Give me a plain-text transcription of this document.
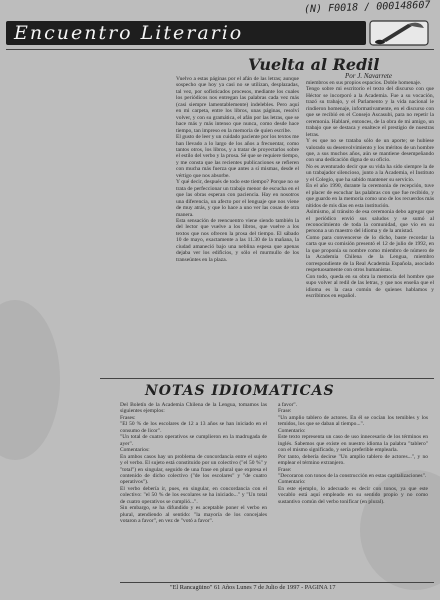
(N) F0018 / 000148607
Encuentro Literario
Vuelta al Redil
Por J. Navarrete
Vuelvo a estas páginas por el afán de las letras; aunque sospecho que hoy ya casi no se utilizan, desplazadas, tal vez, por sofisticados procesos, mediante los cuales los periódicos nos entregan las palabras cada vez más (casi siempre lamentablemente) indelebles. Pero aquí en mi carpeta, entre los libros, unas páginas, resolví volver, y con su gramática, el afán por las letras, que se hace más y más intenso que nunca, como desde hace tiempo, tan impreso en la memoria de quien escribe.
El gusto de leer y un cuidado paciente por los textos me han llevado a lo largo de los años a frecuentar, como tantos otros, los libros, y a tratar de proyectarlos sobre el estilo del verbo y la prosa. Sé que se requiere tiempo, y me consta que las recientes publicaciones se refieren con mucha más fuerza que antes a sí mismas, desde el vértigo que nos absorbe.
Y qué decir, después de todo este tiempo? Porque no se trata de perfeccionar un trabajo menor de escucha en el que las obras esperan con paciencia. Hay en nosotros una diferencia, un afecto por el lenguaje que nos viene de muy atrás, y que lo hace a uno ver las cosas de otra manera.
Esta sensación de reencuentro viene siendo también la del lector que vuelve a los libros, que vuelve a los textos que nos ofrecen la prosa del tiempo. El sábado 10 de mayo, exactamente a las 11.30 de la mañana, la ciudad amaneció bajo una neblina espesa que apenas dejaba ver los edificios, y sólo el murmullo de los transeúntes en la plaza.
miembros en sus propios espacios. Doble homenaje.
Tengo sobre mi escritorio el texto del discurso con que Héctor se incorporó a la Academia. Fue a su vocación, trazó su trabajo, y el Parlamento y la vida nacional le rindieron homenaje, informativamente, en el discurso con que se recibió en el Consejo Ascasubi, para no repetir la ceremonia. Hablaré, entonces, de la obra de mi amigo, un trabajo que se destaca y enaltece el prestigio de nuestras letras.
Y es que no se trataba sólo de un aporte; se hubiese valorado su desenvolvimiento y los méritos de un hombre que, a sus muchos años, aún se mantiene desempeñando con una dedicación digna de su oficio.
No es aventurado decir que su vida ha sido siempre la de un trabajador silencioso, junto a la Academia, el Instituto y el Colegio, que ha sabido mantener su servicio.
En el año 1990, durante la ceremonia de recepción, tuve el placer de escuchar las palabras con que fue recibido, y que guardo en la memoria como uno de los recuerdos más nítidos de mis días en esta institución.
Asimismo, al tránsito de esa ceremonia debo agregar que el periódico envió sus saludos y se sumó al reconocimiento de toda la comunidad, que vio en su persona a un maestro del idioma y de la amistad.
Como para convencerse de lo dicho, baste recordar la carta que su comisión presentó el 12 de julio de 1992, en la que proponía su nombre como miembro de número de la Academia Chilena de la Lengua, miembro correspondiente de la Real Academia Española, asociado respetuosamente con otros humanistas.
Con todo, queda en su obra la memoria del hombre que supo volver al redil de las letras, y que nos enseña que el idioma es la casa común de quienes hablamos y escribimos en español.
NOTAS IDIOMATICAS
Del Boletín de la Academia Chilena de la Lengua, tomamos las siguientes ejemplos:
Frases:
"El 50 % de los escolares de 12 a 13 años se han iniciado en el consumo de licor".
"Un total de cuatro operativos se cumplieron en la madrugada de ayer".
Comentarios:
En ambos casos hay un problema de concordancia entre el sujeto y el verbo. El sujeto está constituido por un colectivo ("el 50 %" y "total") en singular, seguido de una frase en plural que expresa el contenido de dicho colectivo ("de los escolares" y "de cuatro operativos").
El verbo debería ir, pues, en singular, en concordancia con el colectivo: "el 50 % de los escolares se ha iniciado..." y "Un total de cuatro operativos se cumplió...".
Sin embargo, se ha difundido y es aceptable poner el verbo en plural, atendiendo al sentido: "la mayoría de los concejales votaron a favor", en vez de "votó a favor".
a favor".
Frase:
"Un amplio tablero de actores. En él se cocían los temibles y los temidos, los que se daban al tiempo...".
Comentario:
Este texto representa un caso de uso innecesario de los términos en inglés. Sabemos que existe en nuestro idioma la palabra "tablero" con el mismo significado, y sería preferible emplearla.
Por tanto, debería decirse "Un amplio tablero de actores...", y no emplear el término extranjero.
Frase:
"Decoraron con tonos de la construcción en estas capitalizaciones".
Comentario:
En este ejemplo, lo adecuado es decir con tonos, ya que este vocablo está aquí empleado en su sentido propio y no como sustantivo común del verbo tonificar (en plural).
"El Rancagüino" 61 Años Lunes 7 de Julio de 1997 - PAGINA 17
